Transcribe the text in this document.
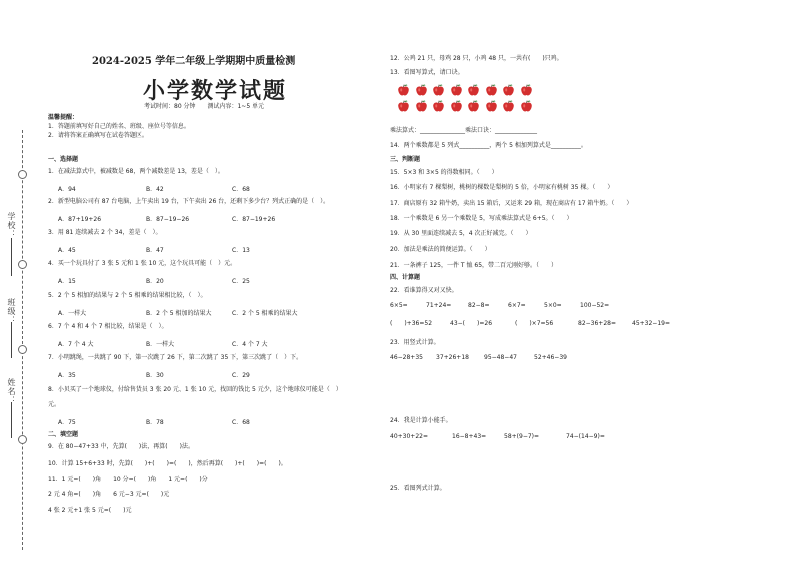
学校：
班级：
姓名：
2024-2025 学年二年级上学期期中质量检测
小学数学试题
考试时间：80 分钟 测试内容：1~5 单元
温馨提醒：
1．答题前填写好自己的姓名、班级、座位号等信息。
2．请将答案正确填写在试卷答题区。
一、选择题
1．在减法算式中，被减数是 68，两个减数差是 13，差是（　）。
A．94	B．42	C．68
2．新型电脑公司有 87 台电脑，上午卖出 19 台，下午卖出 26 台，还剩下多少台？列式正确的是（　）。
A．87+19+26	B．87−19−26	C．87−19+26
3．用 81 连续减去 2 个 34，差是（　）。
A．45	B．47	C．13
4．买一个玩具付了 3 张 5 元和 1 张 10 元，这个玩具可能（　）元。
A．15	B．20	C．25
5．2 个 5 相加的结果与 2 个 5 相乘的结果相比较，（　）。
A．一样大	B．2 个 5 相加的结果大	C．2 个 5 相乘的结果大
6．7 个 4 和 4 个 7 相比较，结果是（　）。
A．7 个 4 大	B．一样大	C．4 个 7 大
7．小明跳绳，一共跳了 90 下，第一次跳了 26 下，第二次跳了 35 下，第三次跳了（　）下。
A．35	B．30	C．29
8．小贝买了一个地球仪，付给售货员 3 张 20 元、1 张 10 元，找回的钱比 5 元少，这个地球仪可能是（　）
元。
A．75	B．78	C．68
二、填空题
9．在 80−47+33 中，先算(　　)法，再算(　　)法。
10．计算 15+6+33 时，先算(　　)+(　　)=(　　)，然后再算(　　)+(　　)=(　　)。
11．1 元=(　　)角　　10 分=(　　)角　　1 元=(　　)分
2 元 4 角=(　　)角　　6 元−3 元=(　　)元
4 张 2 元+1 张 5 元=(　　)元
12．公鸡 21 只，母鸡 28 只，小鸡 48 只，一共有(　　)只鸡。
13．看图写算式，请口诀。
乘法算式：_______________乘法口诀：______________
14．两个乘数都是 5 列式__________，两个 5 相加列算式是__________。
三、判断题
15．5×3 和 3×5 的得数相同。（　　）
16．小明家有 7 棵梨树，桃树的棵数是梨树的 5 倍，小明家有桃树 35 棵。（　　）
17．商店原有 32 箱牛奶，卖出 15 箱后，又运来 29 箱，现在商店有 17 箱牛奶。（　　）
18．一个乘数是 6 另一个乘数是 5，写成乘法算式是 6+5。（　　）
19．从 30 里面连续减去 5，4 次正好减完。（　　）
20．加法是乘法的简便运算。（　　）
21．一条裤子 125，一件 T 恤 65，带二百元刚好够。（　　）
四、计算题
22．看谁算得又对又快。
6×5=	71+24=	82−8=	6×7=	5×0=	100−52=
(　　)+36=52	43−(　　)=26	(　　)×7=56	82−36+28=	45+32−19=
23．用竖式计算。
46−28+35 37+26+18	95−48−47	52+46−39
24．我是计算小能手。
40+30+22=	16−8+43=	58+(9−7)=	74−(14−9)=
25．看图列式计算。
